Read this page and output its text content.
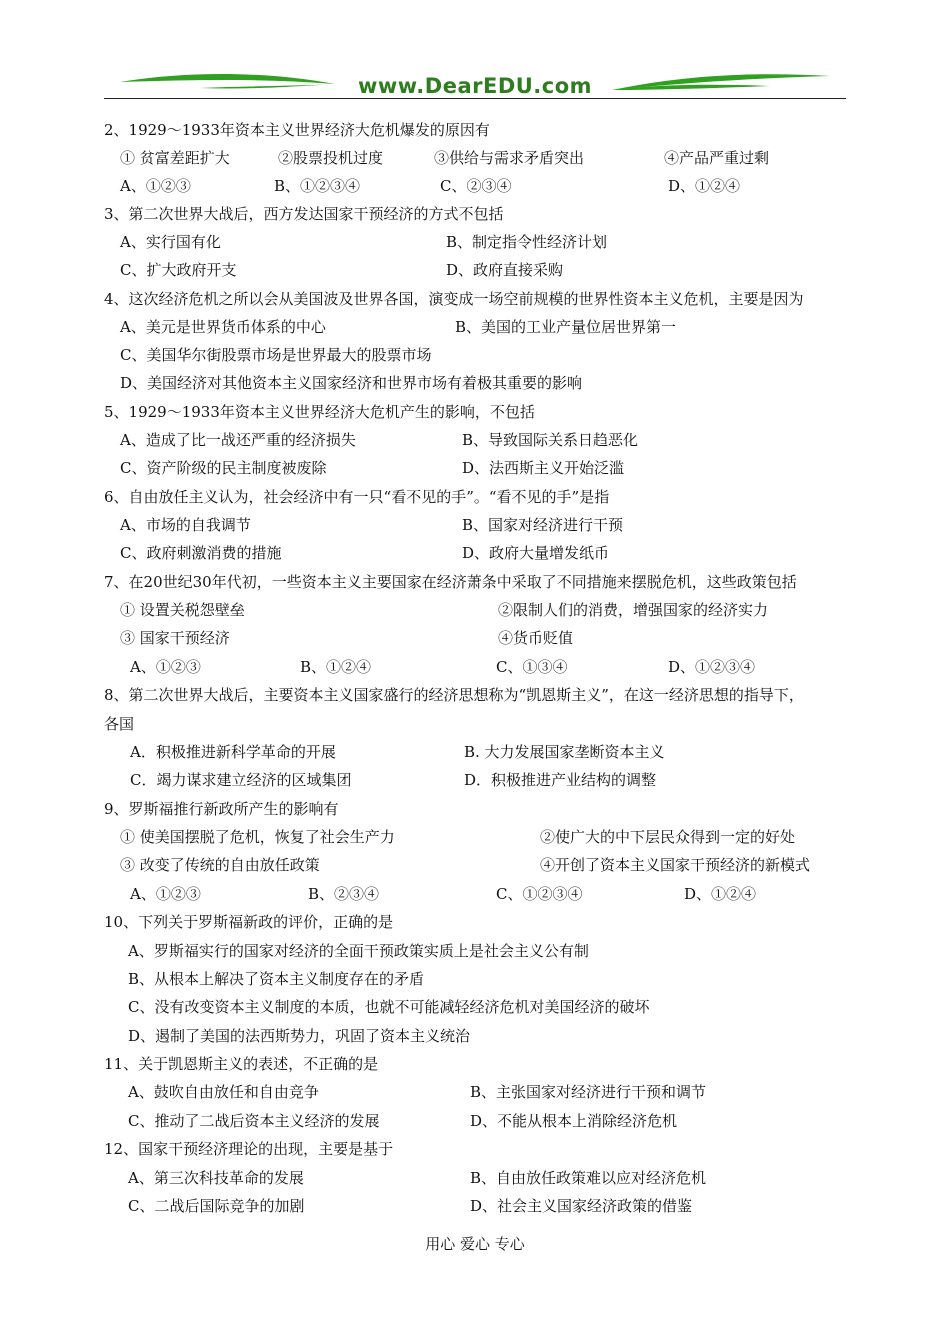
www.DearEDU.com
2、1929～1933年资本主义世界经济大危机爆发的原因有
① 贫富差距扩大	②股票投机过度	③供给与需求矛盾突出	④产品严重过剩
A、①②③	B、①②③④	C、②③④	D、①②④
3、第二次世界大战后，西方发达国家干预经济的方式不包括
A、实行国有化	B、制定指令性经济计划
C、扩大政府开支	D、政府直接采购
4、这次经济危机之所以会从美国波及世界各国，演变成一场空前规模的世界性资本主义危机，主要是因为
A、美元是世界货币体系的中心	B、美国的工业产量位居世界第一
C、美国华尔街股票市场是世界最大的股票市场
D、美国经济对其他资本主义国家经济和世界市场有着极其重要的影响
5、1929～1933年资本主义世界经济大危机产生的影响，不包括
A、造成了比一战还严重的经济损失	B、导致国际关系日趋恶化
C、资产阶级的民主制度被废除	D、法西斯主义开始泛滥
6、自由放任主义认为，社会经济中有一只“看不见的手”。“看不见的手”是指
A、市场的自我调节	B、国家对经济进行干预
C、政府刺激消费的措施	D、政府大量增发纸币
7、在20世纪30年代初，一些资本主义主要国家在经济萧条中采取了不同措施来摆脱危机，这些政策包括
① 设置关税怨壁垒	②限制人们的消费，增强国家的经济实力
③ 国家干预经济	④货币贬值
A、①②③	B、①②④	C、①③④	D、①②③④
8、第二次世界大战后，主要资本主义国家盛行的经济思想称为“凯恩斯主义”，在这一经济思想的指导下，
各国
A．积极推进新科学革命的开展	B. 大力发展国家垄断资本主义
C．竭力谋求建立经济的区域集团	D．积极推进产业结构的调整
9、罗斯福推行新政所产生的影响有
① 使美国摆脱了危机，恢复了社会生产力	②使广大的中下层民众得到一定的好处
③ 改变了传统的自由放任政策	④开创了资本主义国家干预经济的新模式
A、①②③	B、②③④	C、①②③④	D、①②④
10、下列关于罗斯福新政的评价，正确的是
A、罗斯福实行的国家对经济的全面干预政策实质上是社会主义公有制
B、从根本上解决了资本主义制度存在的矛盾
C、没有改变资本主义制度的本质，也就不可能减轻经济危机对美国经济的破坏
D、遏制了美国的法西斯势力，巩固了资本主义统治
11、关于凯恩斯主义的表述，不正确的是
A、鼓吹自由放任和自由竞争	B、主张国家对经济进行干预和调节
C、推动了二战后资本主义经济的发展	D、不能从根本上消除经济危机
12、国家干预经济理论的出现，主要是基于
A、第三次科技革命的发展	B、自由放任政策难以应对经济危机
C、二战后国际竞争的加剧	D、社会主义国家经济政策的借鉴
用心 爱心 专心
